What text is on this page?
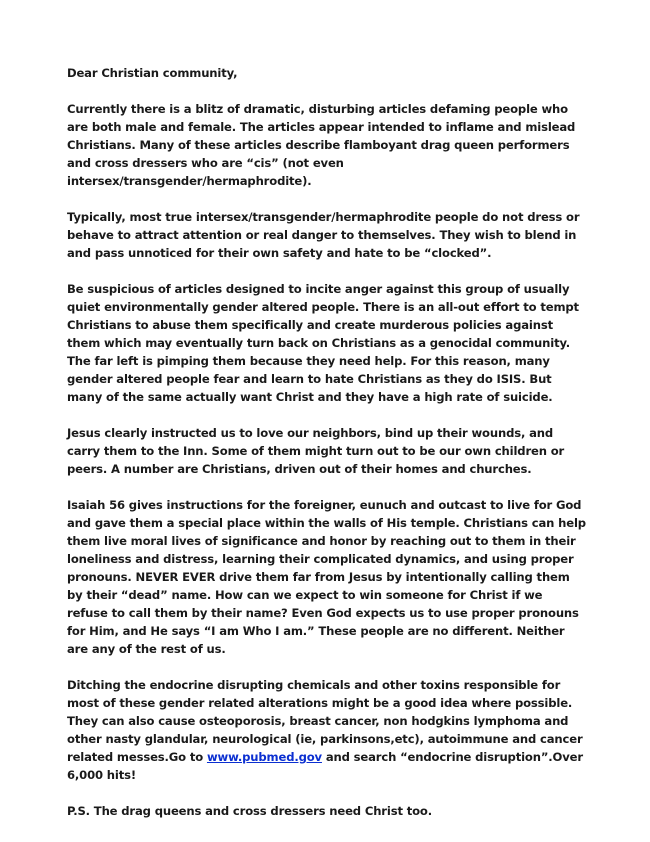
Dear Christian community,

Currently there is a blitz of dramatic, disturbing articles defaming people who are both male and female. The articles appear intended to inflame and mislead Christians. Many of these articles describe flamboyant drag queen performers and cross dressers who are “cis” (not even intersex/transgender/hermaphrodite).

Typically, most true intersex/transgender/hermaphrodite people do not dress or behave to attract attention or real danger to themselves. They wish to blend in and pass unnoticed for their own safety and hate to be “clocked”.

Be suspicious of articles designed to incite anger against this group of usually quiet environmentally gender altered people. There is an all-out effort to tempt Christians to abuse them specifically and create murderous policies against them which may eventually turn back on Christians as a genocidal community. The far left is pimping them because they need help. For this reason, many gender altered people fear and learn to hate Christians as they do ISIS. But many of the same actually want Christ and they have a high rate of suicide.

Jesus clearly instructed us to love our neighbors, bind up their wounds, and carry them to the Inn. Some of them might turn out to be our own children or peers. A number are Christians, driven out of their homes and churches.

Isaiah 56 gives instructions for the foreigner, eunuch and outcast to live for God and gave them a special place within the walls of His temple. Christians can help them live moral lives of significance and honor by reaching out to them in their loneliness and distress, learning their complicated dynamics, and using proper pronouns. NEVER EVER drive them far from Jesus by intentionally calling them by their “dead” name. How can we expect to win someone for Christ if we refuse to call them by their name? Even God expects us to use proper pronouns for Him, and He says “I am Who I am.” These people are no different. Neither are any of the rest of us.

Ditching the endocrine disrupting chemicals and other toxins responsible for most of these gender related alterations might be a good idea where possible. They can also cause osteoporosis, breast cancer, non hodgkins lymphoma and other nasty glandular, neurological (ie, parkinsons,etc), autoimmune and cancer related messes.Go to www.pubmed.gov and search “endocrine disruption”.Over 6,000 hits!

P.S. The drag queens and cross dressers need Christ too.
